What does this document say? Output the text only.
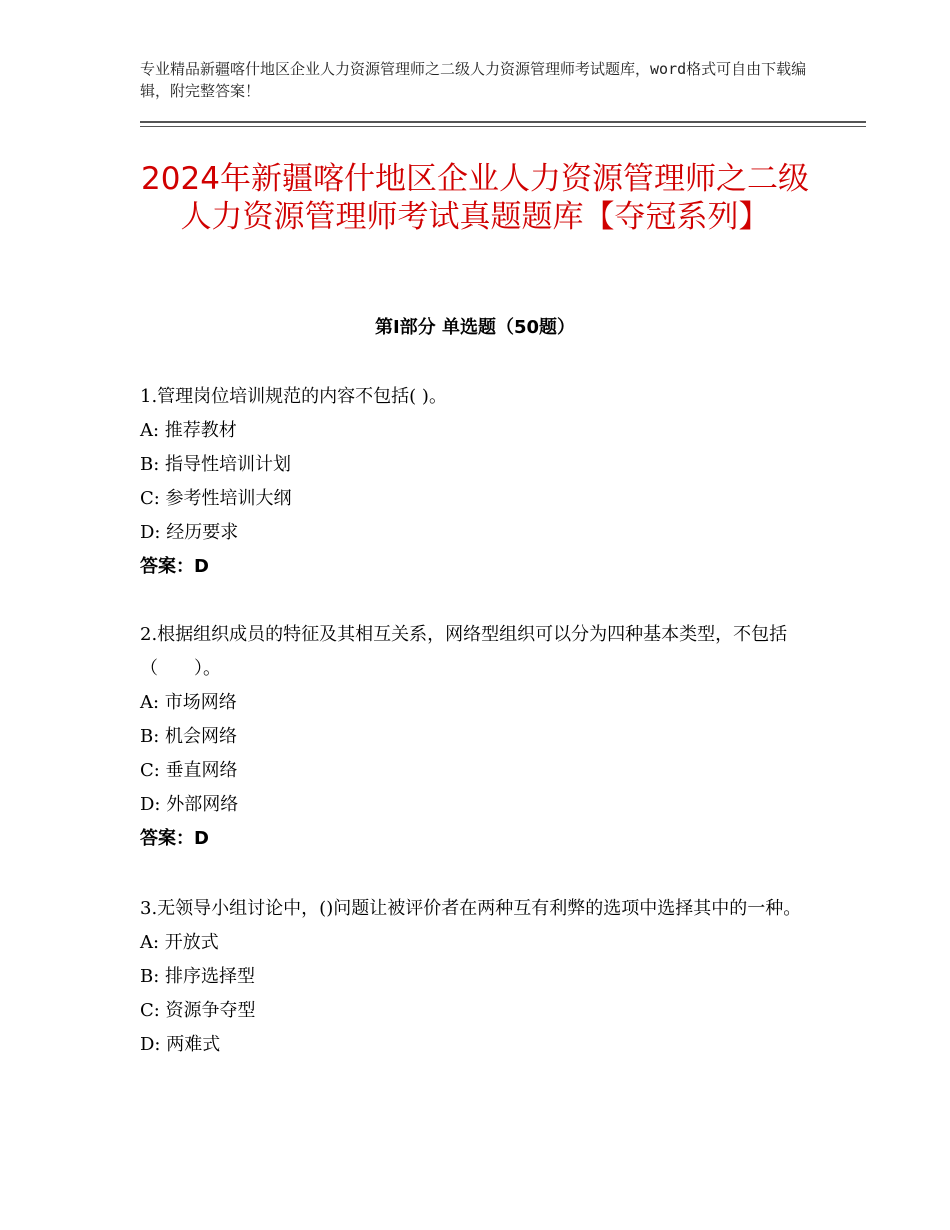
专业精品新疆喀什地区企业人力资源管理师之二级人力资源管理师考试题库，word格式可自由下载编辑，附完整答案！
2024年新疆喀什地区企业人力资源管理师之二级人力资源管理师考试真题题库【夺冠系列】
第Ⅰ部分 单选题（50题）

1.管理岗位培训规范的内容不包括( )。

A: 推荐教材

B: 指导性培训计划

C: 参考性培训大纲

D: 经历要求

答案：D

2.根据组织成员的特征及其相互关系，网络型组织可以分为四种基本类型，不包括（　　）。

A: 市场网络

B: 机会网络

C: 垂直网络

D: 外部网络

答案：D

3.无领导小组讨论中，()问题让被评价者在两种互有利弊的选项中选择其中的一种。

A: 开放式

B: 排序选择型

C: 资源争夺型

D: 两难式
